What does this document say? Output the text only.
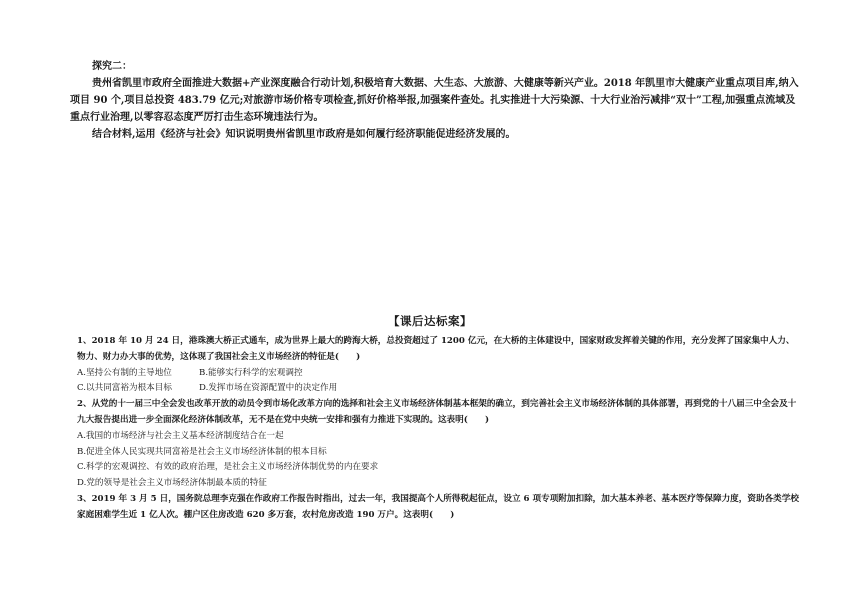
探究二：

贵州省凯里市政府全面推进大数据+产业深度融合行动计划,积极培育大数据、大生态、大旅游、大健康等新兴产业。2018 年凯里市大健康产业重点项目库,纳入项目 90 个,项目总投资 483.79 亿元;对旅游市场价格专项检查,抓好价格举报,加强案件查处。扎实推进十大污染源、十大行业治污减排“双十”工程,加强重点流域及重点行业治理,以零容忍态度严厉打击生态环境违法行为。

结合材料,运用《经济与社会》知识说明贵州省凯里市政府是如何履行经济职能促进经济发展的。

【课后达标案】

1、2018 年 10 月 24 日，港珠澳大桥正式通车，成为世界上最大的跨海大桥，总投资超过了 1200 亿元，在大桥的主体建设中，国家财政发挥着关键的作用，充分发挥了国家集中人力、物力、财力办大事的优势，这体现了我国社会主义市场经济的特征是(　　)

A.坚持公有制的主导地位	B.能够实行科学的宏观调控
C.以共同富裕为根本目标	D.发挥市场在资源配置中的决定作用

2、从党的十一届三中全会发也改革开放的动员令到市场化改革方向的选择和社会主义市场经济体制基本框架的确立，到完善社会主义市场经济体制的具体部署，再到党的十八届三中全会及十九大报告提出进一步全面深化经济体制改革，无不是在党中央统一安排和强有力推进下实现的。这表明(　　)

A.我国的市场经济与社会主义基本经济制度结合在一起

B.促进全体人民实现共同富裕是社会主义市场经济体制的根本目标

C.科学的宏观调控、有效的政府治理，是社会主义市场经济体制优势的内在要求

D.党的领导是社会主义市场经济体制最本质的特征

3、2019 年 3 月 5 日，国务院总理李克强在作政府工作报告时指出，过去一年，我国提高个人所得税起征点，设立 6 项专项附加扣除，加大基本养老、基本医疗等保障力度，资助各类学校家庭困难学生近 1 亿人次。棚户区住房改造 620 多万套，农村危房改造 190 万户。这表明(　　)
